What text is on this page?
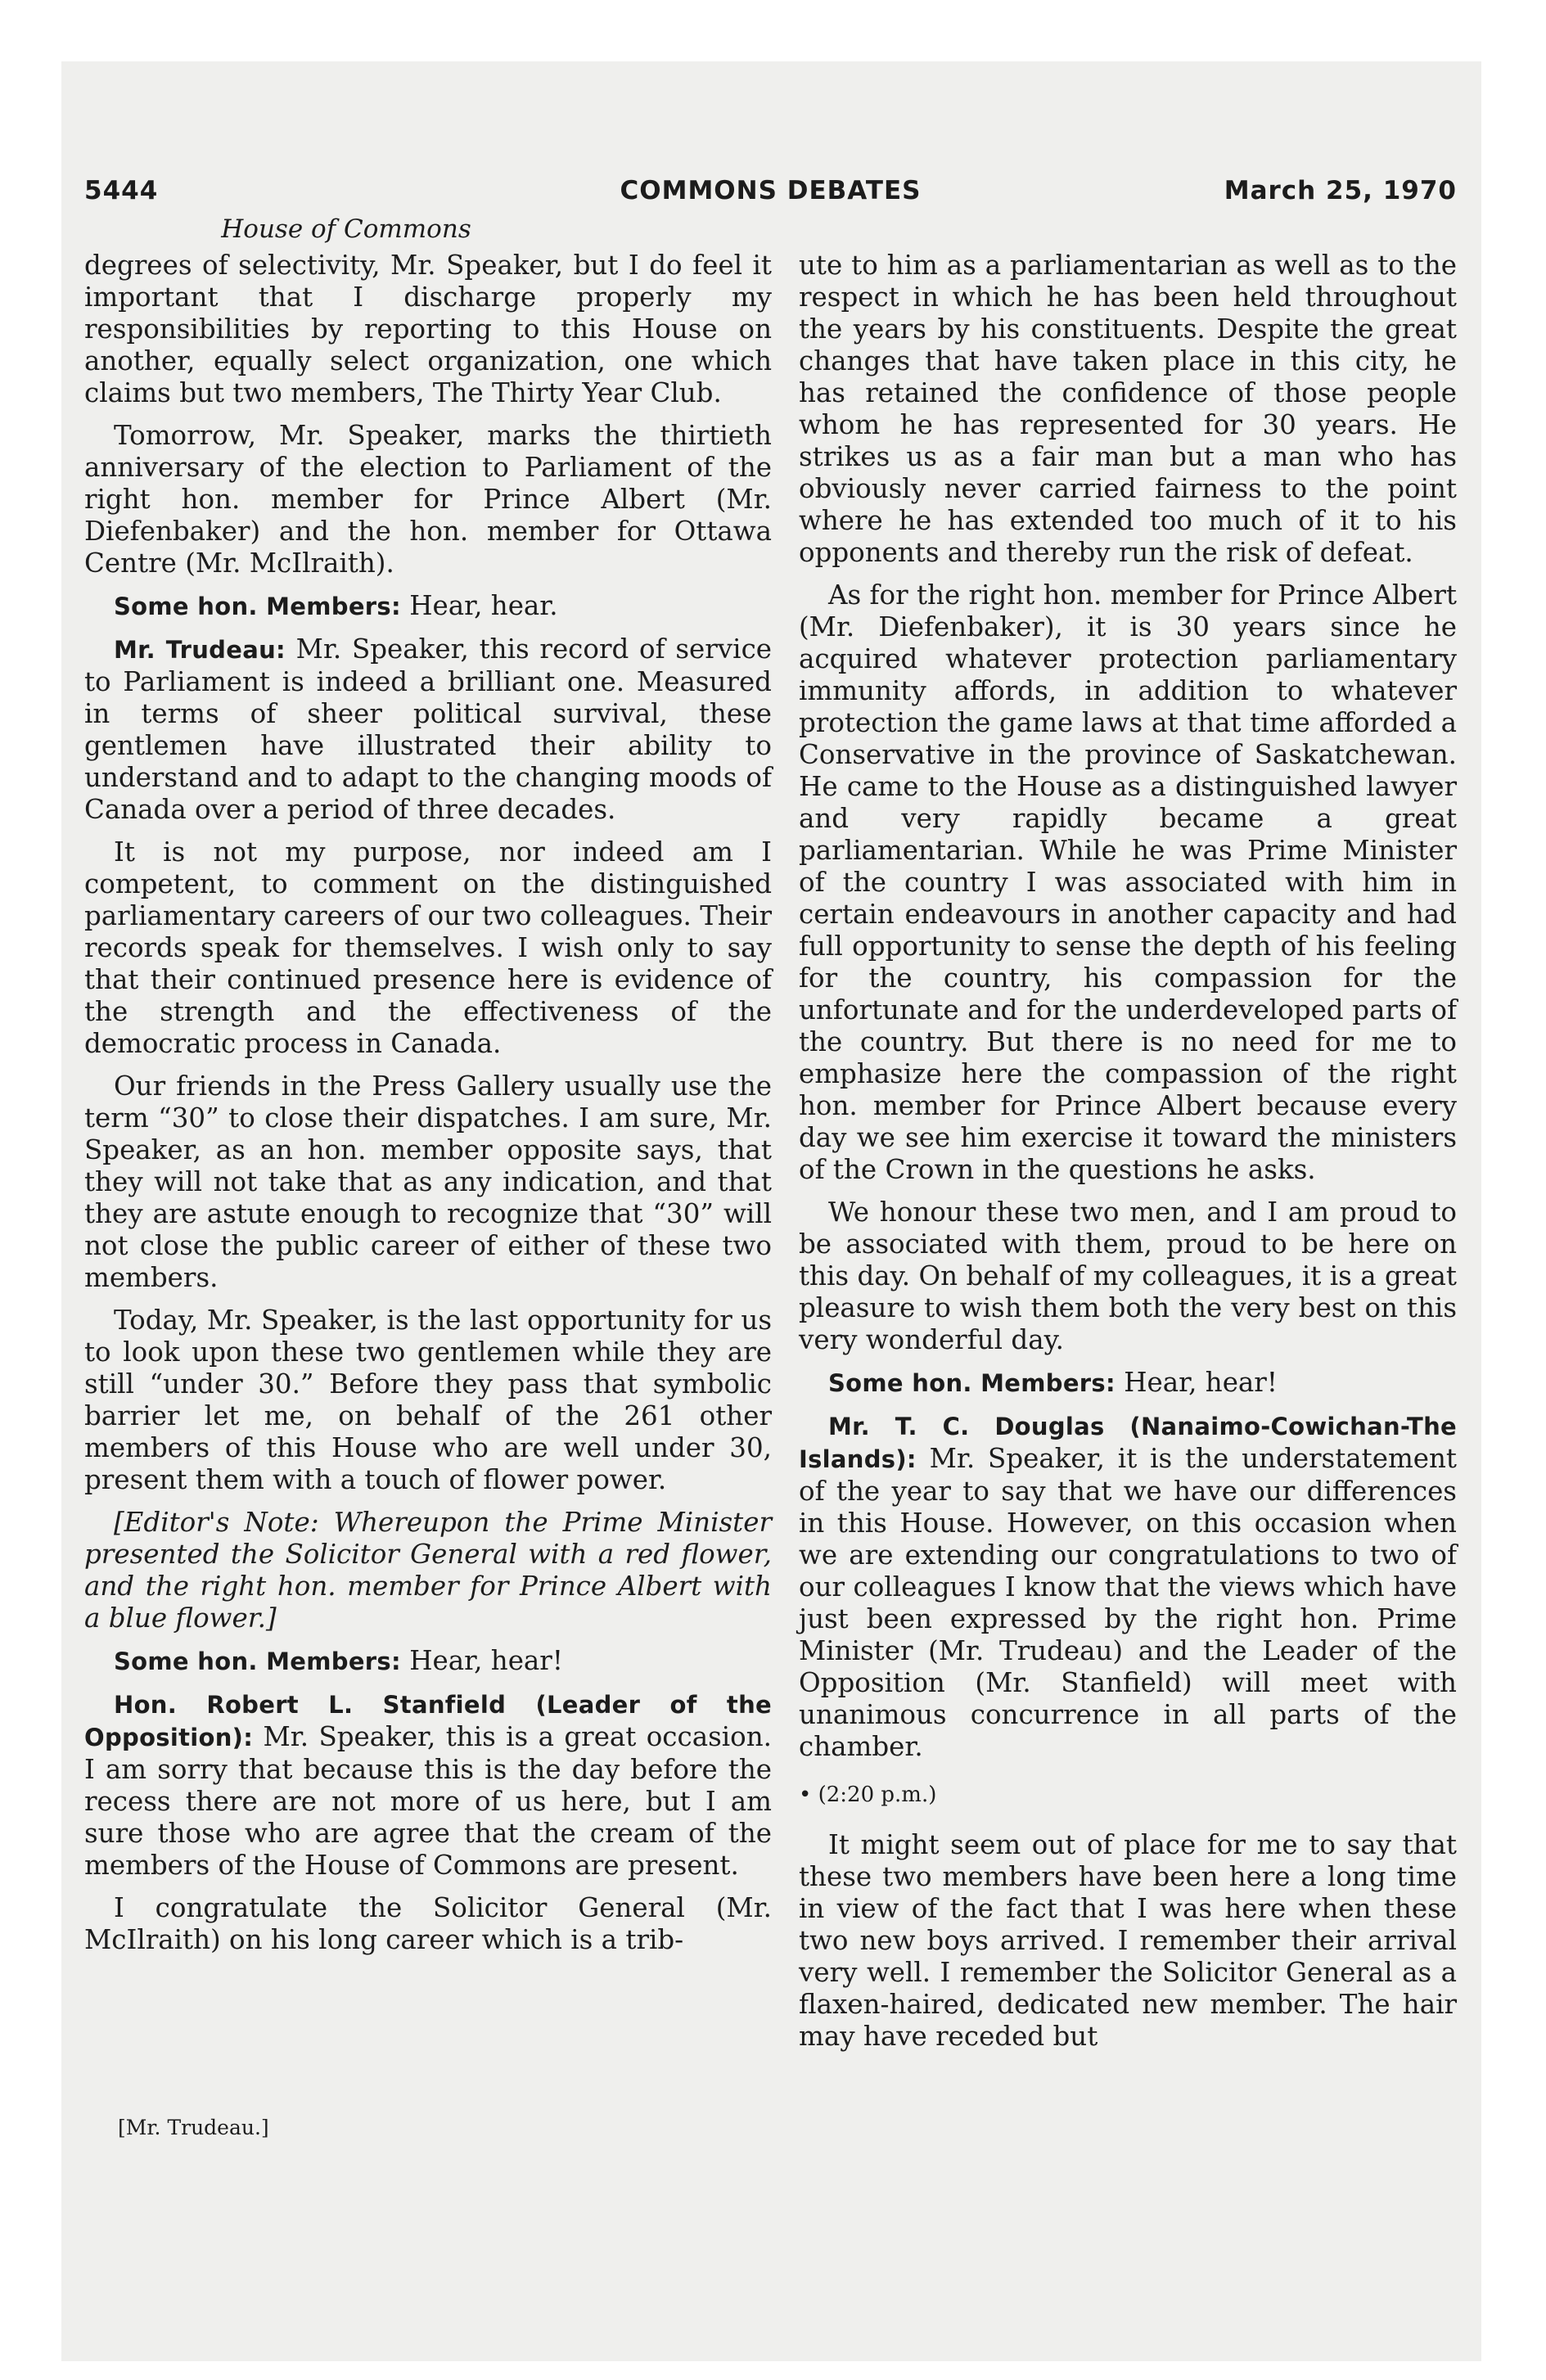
5444	COMMONS DEBATES	March 25, 1970
House of Commons

degrees of selectivity, Mr. Speaker, but I do feel it important that I discharge properly my responsibilities by reporting to this House on another, equally select organization, one which claims but two members, The Thirty Year Club.

Tomorrow, Mr. Speaker, marks the thirtieth anniversary of the election to Parliament of the right hon. member for Prince Albert (Mr. Diefenbaker) and the hon. member for Ottawa Centre (Mr. McIlraith).

Some hon. Members: Hear, hear.

Mr. Trudeau: Mr. Speaker, this record of service to Parliament is indeed a brilliant one. Measured in terms of sheer political survival, these gentlemen have illustrated their ability to understand and to adapt to the changing moods of Canada over a period of three decades.

It is not my purpose, nor indeed am I competent, to comment on the distinguished parliamentary careers of our two colleagues. Their records speak for themselves. I wish only to say that their continued presence here is evidence of the strength and the effectiveness of the democratic process in Canada.

Our friends in the Press Gallery usually use the term “30” to close their dispatches. I am sure, Mr. Speaker, as an hon. member opposite says, that they will not take that as any indication, and that they are astute enough to recognize that “30” will not close the public career of either of these two members.

Today, Mr. Speaker, is the last opportunity for us to look upon these two gentlemen while they are still “under 30.” Before they pass that symbolic barrier let me, on behalf of the 261 other members of this House who are well under 30, present them with a touch of flower power.

[Editor's Note: Whereupon the Prime Minister presented the Solicitor General with a red flower, and the right hon. member for Prince Albert with a blue flower.]

Some hon. Members: Hear, hear!

Hon. Robert L. Stanfield (Leader of the Opposition): Mr. Speaker, this is a great occasion. I am sorry that because this is the day before the recess there are not more of us here, but I am sure those who are agree that the cream of the members of the House of Commons are present.

I congratulate the Solicitor General (Mr. McIlraith) on his long career which is a trib-

ute to him as a parliamentarian as well as to the respect in which he has been held throughout the years by his constituents. Despite the great changes that have taken place in this city, he has retained the confidence of those people whom he has represented for 30 years. He strikes us as a fair man but a man who has obviously never carried fairness to the point where he has extended too much of it to his opponents and thereby run the risk of defeat.

As for the right hon. member for Prince Albert (Mr. Diefenbaker), it is 30 years since he acquired whatever protection parliamentary immunity affords, in addition to whatever protection the game laws at that time afforded a Conservative in the province of Saskatchewan. He came to the House as a distinguished lawyer and very rapidly became a great parliamentarian. While he was Prime Minister of the country I was associated with him in certain endeavours in another capacity and had full opportunity to sense the depth of his feeling for the country, his compassion for the unfortunate and for the underdeveloped parts of the country. But there is no need for me to emphasize here the compassion of the right hon. member for Prince Albert because every day we see him exercise it toward the ministers of the Crown in the questions he asks.

We honour these two men, and I am proud to be associated with them, proud to be here on this day. On behalf of my colleagues, it is a great pleasure to wish them both the very best on this very wonderful day.

Some hon. Members: Hear, hear!

Mr. T. C. Douglas (Nanaimo-Cowichan-The Islands): Mr. Speaker, it is the understatement of the year to say that we have our differences in this House. However, on this occasion when we are extending our congratulations to two of our colleagues I know that the views which have just been expressed by the right hon. Prime Minister (Mr. Trudeau) and the Leader of the Opposition (Mr. Stanfield) will meet with unanimous concurrence in all parts of the chamber.

• (2:20 p.m.)

It might seem out of place for me to say that these two members have been here a long time in view of the fact that I was here when these two new boys arrived. I remember their arrival very well. I remember the Solicitor General as a flaxen-haired, dedicated new member. The hair may have receded but

[Mr. Trudeau.]
